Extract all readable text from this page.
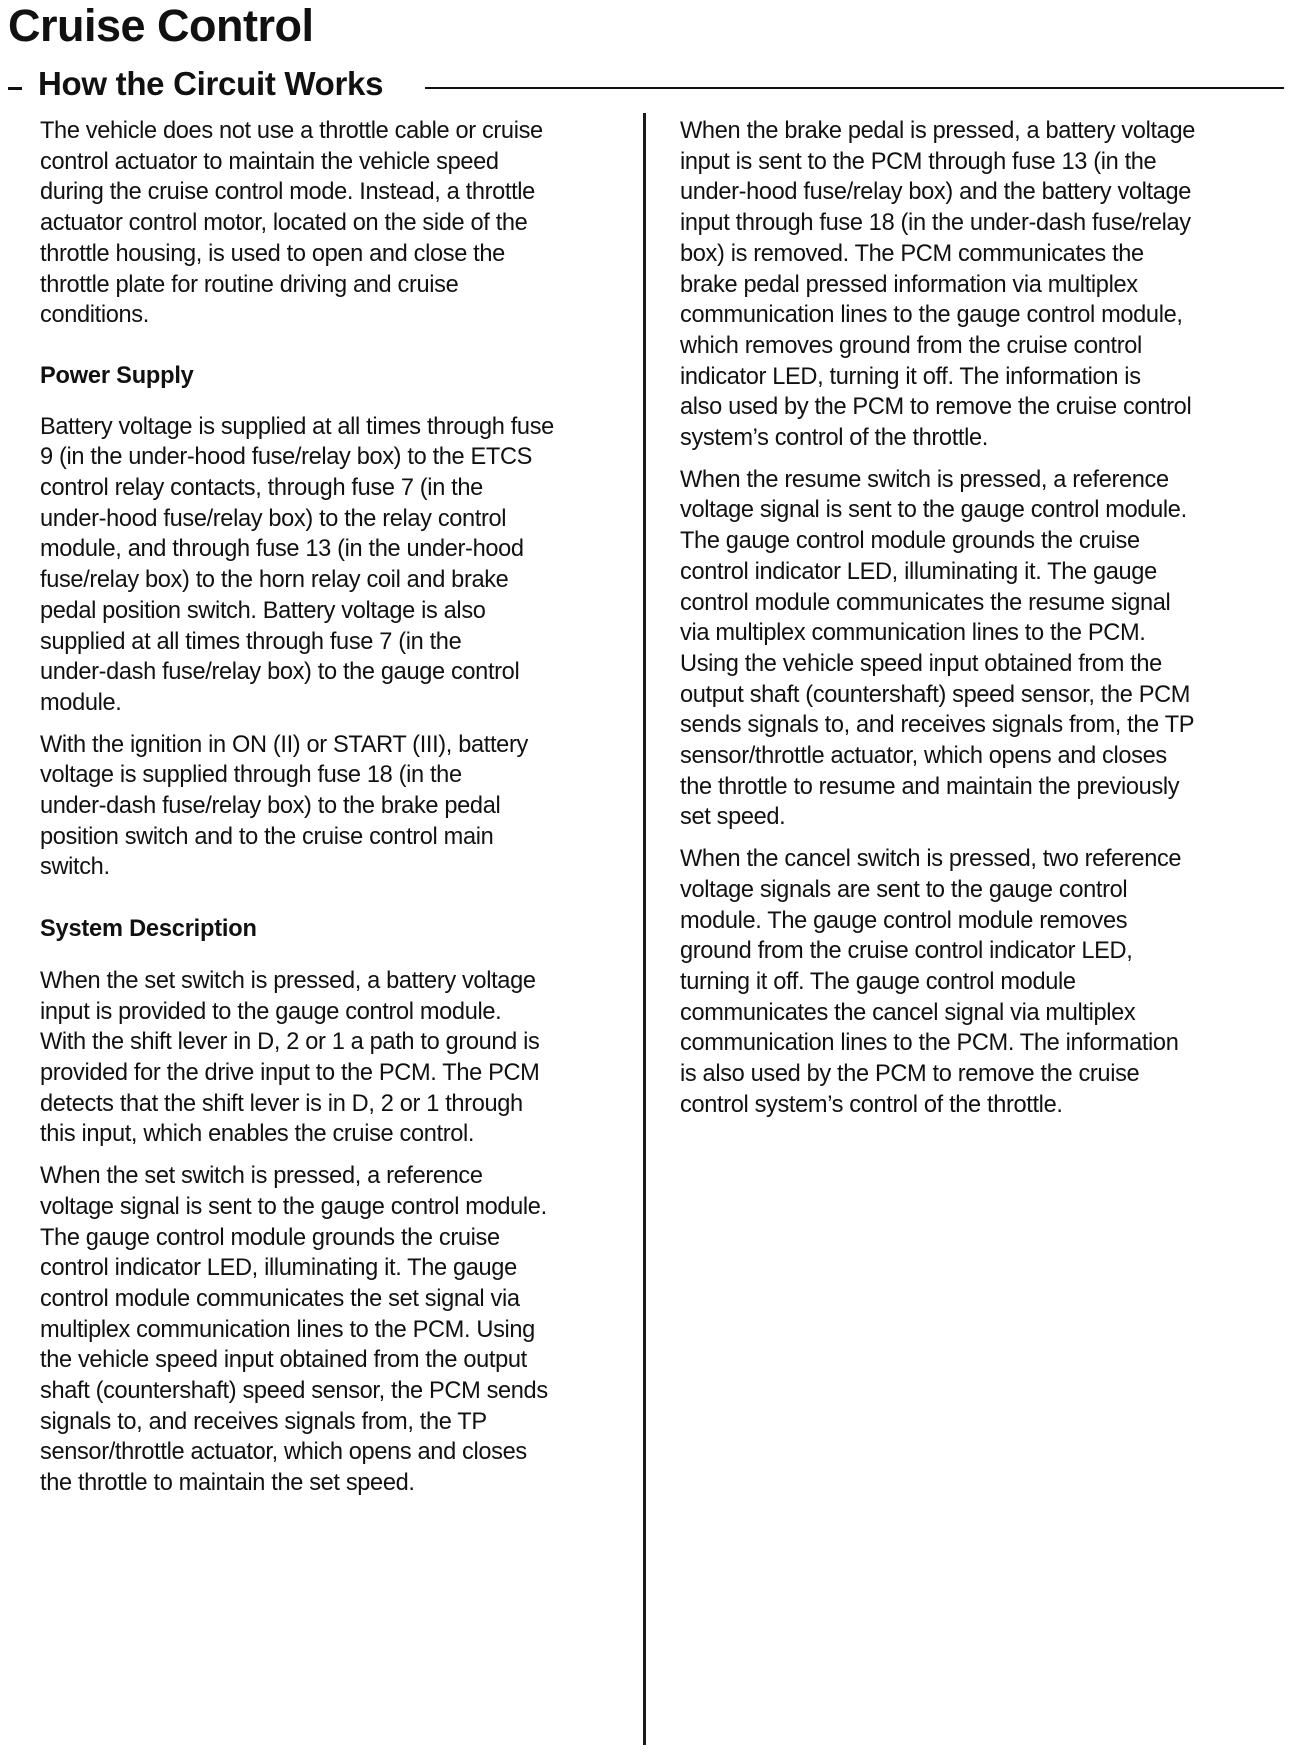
Cruise Control
How the Circuit Works

The vehicle does not use a throttle cable or cruise
control actuator to maintain the vehicle speed
during the cruise control mode. Instead, a throttle
actuator control motor, located on the side of the
throttle housing, is used to open and close the
throttle plate for routine driving and cruise
conditions.

Power Supply

Battery voltage is supplied at all times through fuse
9 (in the under-hood fuse/relay box) to the ETCS
control relay contacts, through fuse 7 (in the
under-hood fuse/relay box) to the relay control
module, and through fuse 13 (in the under-hood
fuse/relay box) to the horn relay coil and brake
pedal position switch. Battery voltage is also
supplied at all times through fuse 7 (in the
under-dash fuse/relay box) to the gauge control
module.

With the ignition in ON (II) or START (III), battery
voltage is supplied through fuse 18 (in the
under-dash fuse/relay box) to the brake pedal
position switch and to the cruise control main
switch.

System Description

When the set switch is pressed, a battery voltage
input is provided to the gauge control module.
With the shift lever in D, 2 or 1 a path to ground is
provided for the drive input to the PCM. The PCM
detects that the shift lever is in D, 2 or 1 through
this input, which enables the cruise control.

When the set switch is pressed, a reference
voltage signal is sent to the gauge control module.
The gauge control module grounds the cruise
control indicator LED, illuminating it. The gauge
control module communicates the set signal via
multiplex communication lines to the PCM. Using
the vehicle speed input obtained from the output
shaft (countershaft) speed sensor, the PCM sends
signals to, and receives signals from, the TP
sensor/throttle actuator, which opens and closes
the throttle to maintain the set speed.

When the brake pedal is pressed, a battery voltage
input is sent to the PCM through fuse 13 (in the
under-hood fuse/relay box) and the battery voltage
input through fuse 18 (in the under-dash fuse/relay
box) is removed. The PCM communicates the
brake pedal pressed information via multiplex
communication lines to the gauge control module,
which removes ground from the cruise control
indicator LED, turning it off. The information is
also used by the PCM to remove the cruise control
system’s control of the throttle.

When the resume switch is pressed, a reference
voltage signal is sent to the gauge control module.
The gauge control module grounds the cruise
control indicator LED, illuminating it. The gauge
control module communicates the resume signal
via multiplex communication lines to the PCM.
Using the vehicle speed input obtained from the
output shaft (countershaft) speed sensor, the PCM
sends signals to, and receives signals from, the TP
sensor/throttle actuator, which opens and closes
the throttle to resume and maintain the previously
set speed.

When the cancel switch is pressed, two reference
voltage signals are sent to the gauge control
module. The gauge control module removes
ground from the cruise control indicator LED,
turning it off. The gauge control module
communicates the cancel signal via multiplex
communication lines to the PCM. The information
is also used by the PCM to remove the cruise
control system’s control of the throttle.
